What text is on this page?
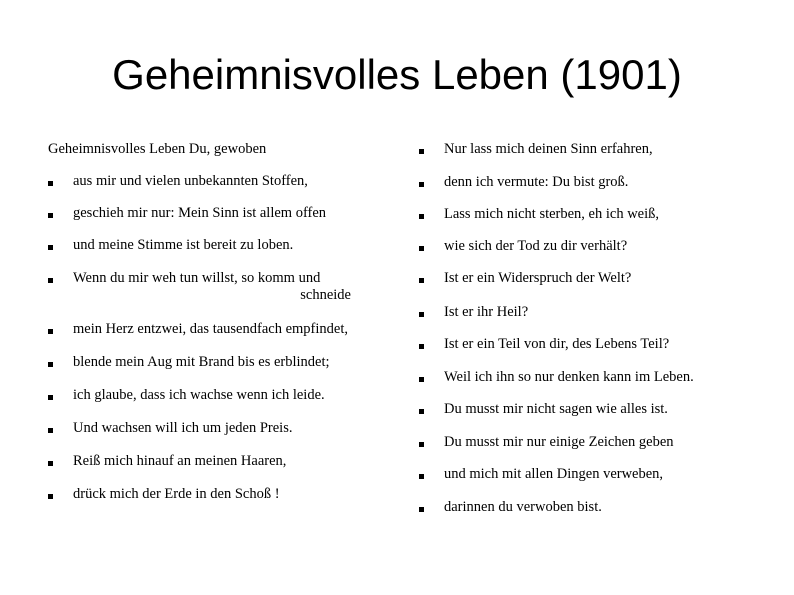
Geheimnisvolles Leben (1901)
Geheimnisvolles Leben Du, gewoben
aus mir und vielen unbekannten Stoffen,
geschieh mir nur: Mein Sinn ist allem offen
und meine Stimme ist bereit zu loben.
Wenn du mir weh tun willst, so komm und
schneide
mein Herz entzwei, das tausendfach empfindet,
blende mein Aug mit Brand bis es erblindet;
ich glaube, dass ich wachse wenn ich leide.
Und wachsen will ich um jeden Preis.
Reiß mich hinauf an meinen Haaren,
drück mich der Erde in den Schoß !
Nur lass mich deinen Sinn erfahren,
denn ich vermute: Du bist groß.
Lass mich nicht sterben, eh ich weiß,
wie sich der Tod zu dir verhält?
Ist er ein Widerspruch der Welt?
Ist er ihr Heil?
Ist er ein Teil von dir, des Lebens Teil?
Weil ich ihn so nur denken kann im Leben.
Du musst mir nicht sagen wie alles ist.
Du musst mir nur einige Zeichen geben
und mich mit allen Dingen verweben,
darinnen du verwoben bist.
